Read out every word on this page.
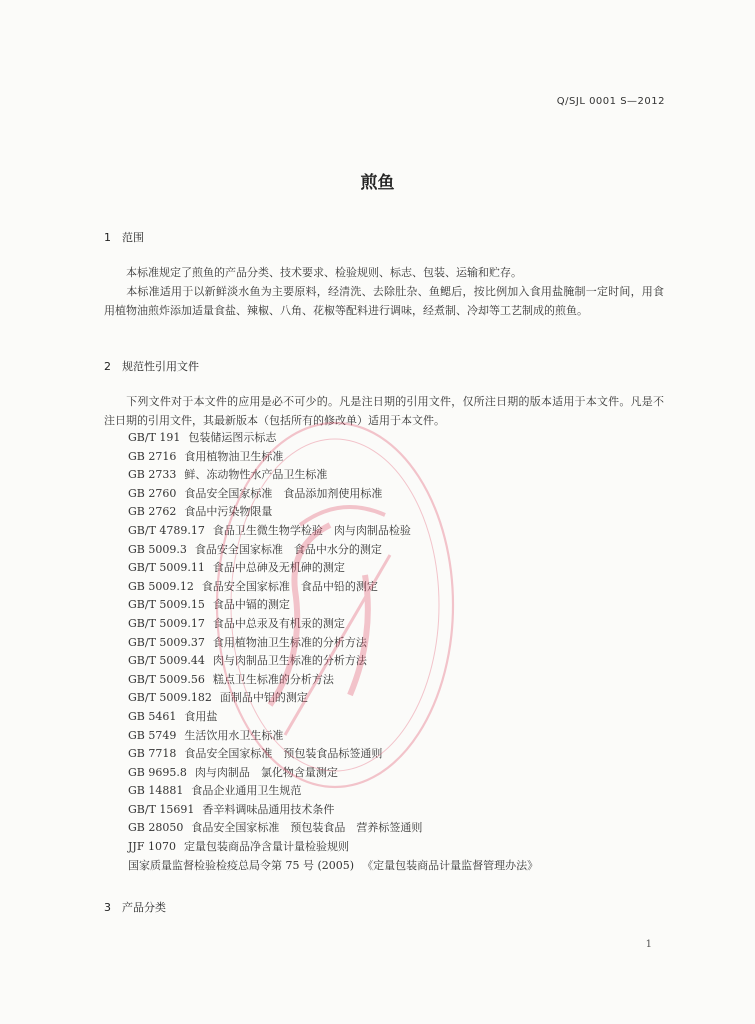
Q/SJL 0001 S—2012
煎鱼
1 范围
本标准规定了煎鱼的产品分类、技术要求、检验规则、标志、包装、运输和贮存。
本标准适用于以新鲜淡水鱼为主要原料，经清洗、去除肚杂、鱼鳃后，按比例加入食用盐腌制一定时间，用食用植物油煎炸添加适量食盐、辣椒、八角、花椒等配料进行调味，经煮制、冷却等工艺制成的煎鱼。
2 规范性引用文件
下列文件对于本文件的应用是必不可少的。凡是注日期的引用文件，仅所注日期的版本适用于本文件。凡是不注日期的引用文件，其最新版本（包括所有的修改单）适用于本文件。
GB/T 191 包装储运图示标志
GB 2716 食用植物油卫生标准
GB 2733 鲜、冻动物性水产品卫生标准
GB 2760 食品安全国家标准　食品添加剂使用标准
GB 2762 食品中污染物限量
GB/T 4789.17 食品卫生微生物学检验　肉与肉制品检验
GB 5009.3 食品安全国家标准　食品中水分的测定
GB/T 5009.11 食品中总砷及无机砷的测定
GB 5009.12 食品安全国家标准　食品中铅的测定
GB/T 5009.15 食品中镉的测定
GB/T 5009.17 食品中总汞及有机汞的测定
GB/T 5009.37 食用植物油卫生标准的分析方法
GB/T 5009.44 肉与肉制品卫生标准的分析方法
GB/T 5009.56 糕点卫生标准的分析方法
GB/T 5009.182 面制品中铝的测定
GB 5461 食用盐
GB 5749 生活饮用水卫生标准
GB 7718 食品安全国家标准　预包装食品标签通则
GB 9695.8 肉与肉制品　氯化物含量测定
GB 14881 食品企业通用卫生规范
GB/T 15691 香辛料调味品通用技术条件
GB 28050 食品安全国家标准　预包装食品　营养标签通则
JJF 1070 定量包装商品净含量计量检验规则
国家质量监督检验检疫总局令第 75 号 (2005) 《定量包装商品计量监督管理办法》
3 产品分类
1
